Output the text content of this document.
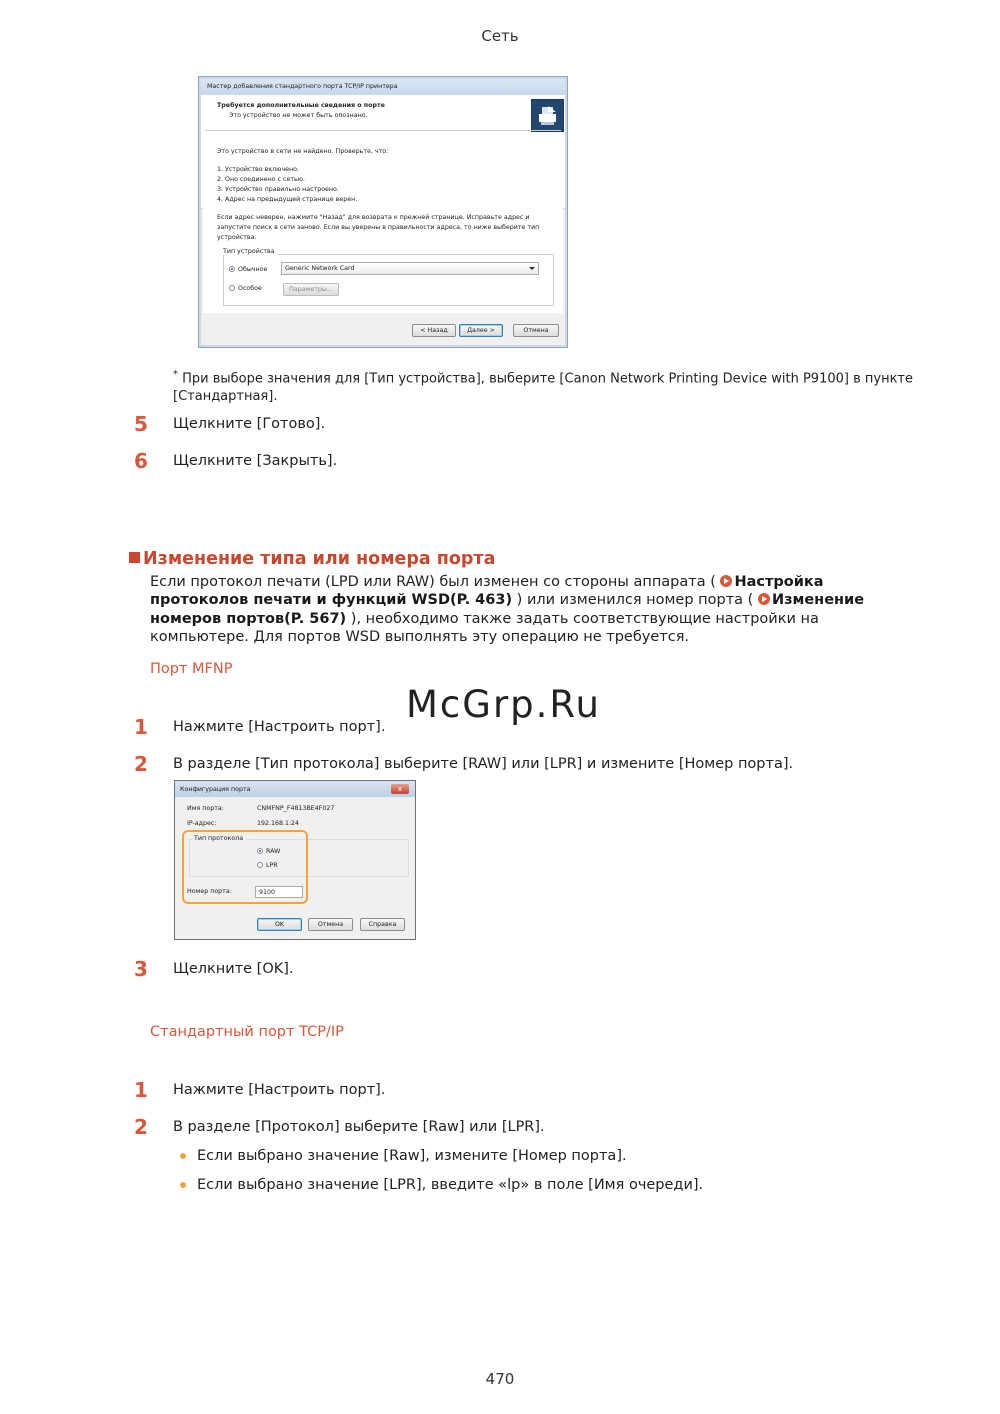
Сеть
Мастер добавления стандартного порта TCP/IP принтера
Требуется дополнительные сведения о порте
Это устройство не может быть опознано.
Это устройство в сети не найдено. Проверьте, что:
1. Устройство включено.
2. Оно соединено с сетью.
3. Устройство правильно настроено.
4. Адрес на предыдущей странице верен.
Если адрес неверен, нажмите "Назад" для возврата к прежней странице. Исправьте адрес и
запустите поиск в сети заново. Если вы уверены в правильности адреса, то ниже выберите тип
устройства.
Тип устройства
Обычное	Generic Network Card
Особое	Параметры...
< Назад	Далее >	Отмена
* При выборе значения для [Тип устройства], выберите [Canon Network Printing Device with P9100] в пункте [Стандартная].
5 Щелкните [Готово].
6 Щелкните [Закрыть].
Изменение типа или номера порта
Если протокол печати (LPD или RAW) был изменен со стороны аппарата ( Настройка протоколов печати и функций WSD(P. 463) ) или изменился номер порта ( Изменение номеров портов(P. 567) ), необходимо также задать соответствующие настройки на компьютере. Для портов WSD выполнять эту операцию не требуется.
Порт MFNP
McGrp.Ru
1 Нажмите [Настроить порт].
2 В разделе [Тип протокола] выберите [RAW] или [LPR] и измените [Номер порта].
Конфигурация порта	x
Имя порта:	CNMFNP_F4813BE4F027
IP-адрес:	192.168.1.24
Тип протокола
RAW
LPR
Номер порта:	9100
OK	Отмена	Справка
3 Щелкните [OK].
Стандартный порт TCP/IP
1 Нажмите [Настроить порт].
2 В разделе [Протокол] выберите [Raw] или [LPR].
Если выбрано значение [Raw], измените [Номер порта].
Если выбрано значение [LPR], введите «lp» в поле [Имя очереди].
470
